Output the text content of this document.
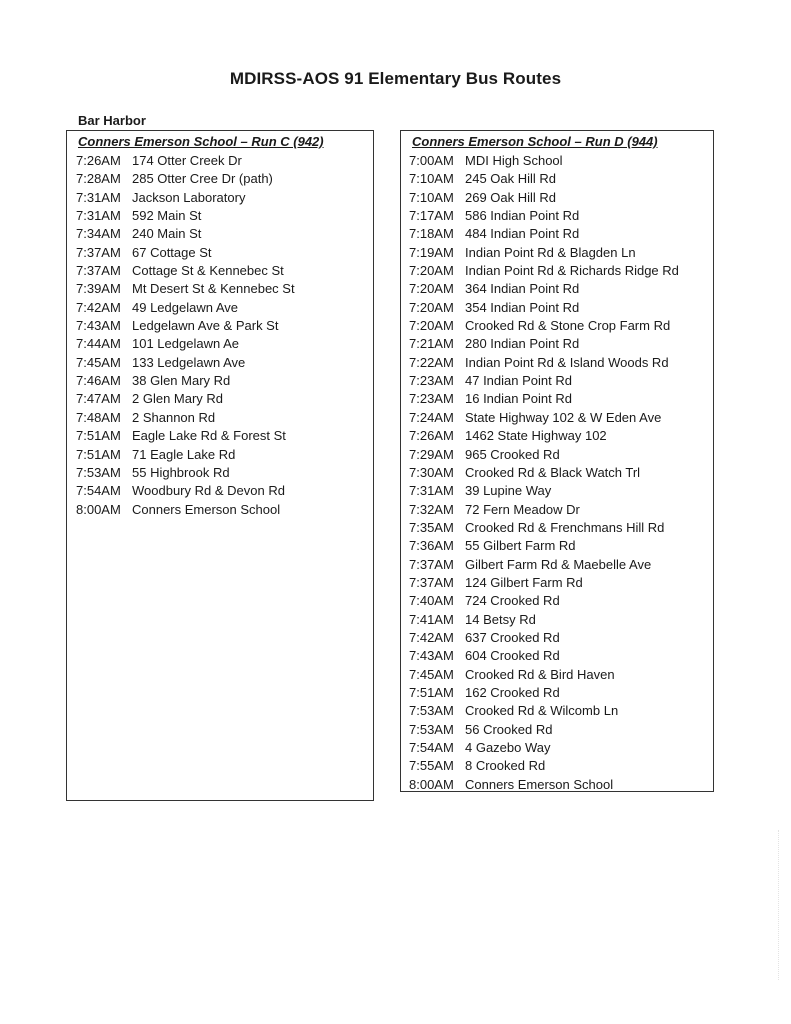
MDIRSS-AOS 91 Elementary Bus Routes
Bar Harbor
Conners Emerson School – Run C (942)
7:26AM 174 Otter Creek Dr
7:28AM 285 Otter Cree Dr (path)
7:31AM Jackson Laboratory
7:31AM 592 Main St
7:34AM 240 Main St
7:37AM 67 Cottage St
7:37AM Cottage St & Kennebec St
7:39AM Mt Desert St & Kennebec St
7:42AM 49 Ledgelawn Ave
7:43AM Ledgelawn Ave & Park St
7:44AM 101 Ledgelawn Ae
7:45AM 133 Ledgelawn Ave
7:46AM 38 Glen Mary Rd
7:47AM 2 Glen Mary Rd
7:48AM 2 Shannon Rd
7:51AM Eagle Lake Rd & Forest St
7:51AM 71 Eagle Lake Rd
7:53AM 55 Highbrook Rd
7:54AM Woodbury Rd & Devon Rd
8:00AM Conners Emerson School
Conners Emerson School – Run D (944)
7:00AM MDI High School
7:10AM 245 Oak Hill Rd
7:10AM 269 Oak Hill Rd
7:17AM 586 Indian Point Rd
7:18AM 484 Indian Point Rd
7:19AM Indian Point Rd & Blagden Ln
7:20AM Indian Point Rd & Richards Ridge Rd
7:20AM 364 Indian Point Rd
7:20AM 354 Indian Point Rd
7:20AM Crooked Rd & Stone Crop Farm Rd
7:21AM 280 Indian Point Rd
7:22AM Indian Point Rd & Island Woods Rd
7:23AM 47 Indian Point Rd
7:23AM 16 Indian Point Rd
7:24AM State Highway 102 & W Eden Ave
7:26AM 1462 State Highway 102
7:29AM 965 Crooked Rd
7:30AM Crooked Rd & Black Watch Trl
7:31AM 39 Lupine Way
7:32AM 72 Fern Meadow Dr
7:35AM Crooked Rd & Frenchmans Hill Rd
7:36AM 55 Gilbert Farm Rd
7:37AM Gilbert Farm Rd & Maebelle Ave
7:37AM 124 Gilbert Farm Rd
7:40AM 724 Crooked Rd
7:41AM 14 Betsy Rd
7:42AM 637 Crooked Rd
7:43AM 604 Crooked Rd
7:45AM Crooked Rd & Bird Haven
7:51AM 162 Crooked Rd
7:53AM Crooked Rd & Wilcomb Ln
7:53AM 56 Crooked Rd
7:54AM 4 Gazebo Way
7:55AM 8 Crooked Rd
8:00AM Conners Emerson School
